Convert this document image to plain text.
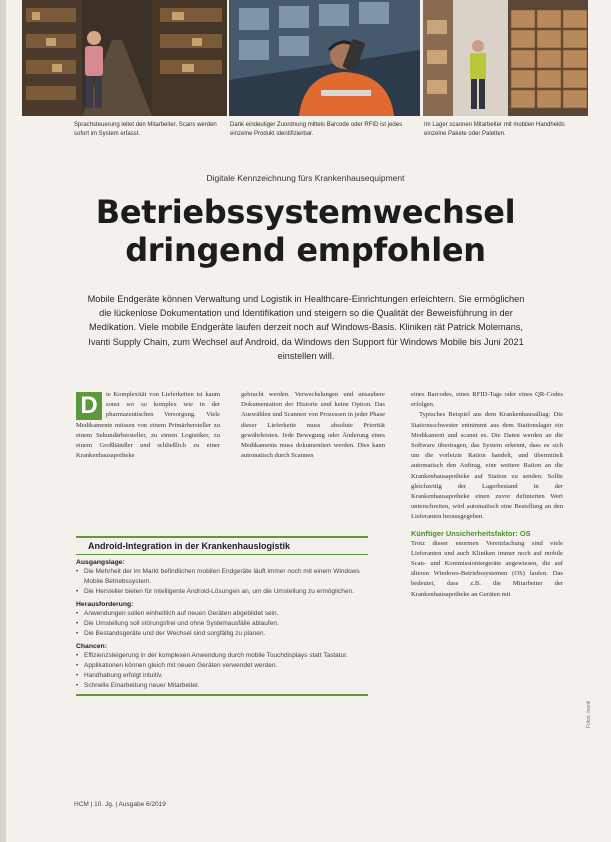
Sprachsteuerung leitet den Mitarbeiter, Scans werden sofort im System erfasst.
Dank eindeutiger Zuordnung mittels Barcode oder RFID ist jedes einzelne Produkt identifizierbar.
Im Lager scannen Mitarbeiter mit mobilen Handhelds einzelne Pakete oder Paletten.
Digitale Kennzeichnung fürs Krankenhausequipment
Betriebssystemwechsel
dringend empfohlen
Mobile Endgeräte können Verwaltung und Logistik in Healthcare-Einrichtungen erleichtern. Sie ermöglichen die lückenlose Dokumentation und Identifikation und steigern so die Qualität der Beweisführung in der Medikation. Viele mobile Endgeräte laufen derzeit noch auf Windows-Basis. Kliniken rät Patrick Molemans, Ivanti Supply Chain, zum Wechsel auf Android, da Windows den Support für Windows Mobile bis Juni 2021 einstellen will.
D	ie Komplexität von Lieferketten ist kaum sonst wo so komplex wie in der pharmazeutischen Versorgung. Viele Medikamente müssen von einem Primärhersteller zu einem Sekundärhersteller, zu einem Logistiker, zu einem Großhändler und schließlich zu einer Krankenhausapotheke
gebracht werden. Verwechslungen und unsaubere Dokumentation der Historie sind keine Option. Das Auswählen und Scannen von Prozessen in jeder Phase dieser Lieferkette muss absolute Priorität gewährleisten. Jede Bewegung oder Änderung eines Medikaments muss dokumentiert werden. Dies kann automatisch durch Scannen
eines Barcodes, eines RFID-Tags oder eines QR-Codes erfolgen.
Typisches Beispiel aus dem Krankenhausalltag: Die Stationsschwester entnimmt aus dem Stationslager ein Medikament und scannt es. Die Daten werden an die Software übertragen, das System erkennt, dass es sich um die vorletzte Ration handelt, und übermittelt automatisch den Auftrag, eine weitere Ration an die Krankenhausapotheke auf Station zu senden. Sollte gleichzeitig der Lagerbestand in der Krankenhausapotheke einen zuvor definierten Wert unterschreiten, wird automatisch eine Bestellung an den Lieferanten herausgegeben.
Künftiger Unsicherheitsfaktor: OS
Trotz dieser enormen Vereinfachung sind viele Lieferanten und auch Kliniken immer noch auf mobile Scan- und Kommissioniergeräte angewiesen, die auf älteren Windows-Betriebssystemen (OS) laufen. Das bedeutet, dass z.B. die Mitarbeiter der Krankenhausapotheke an Geräten mit
Android-Integration in der Krankenhauslogistik
Ausgangslage:
• Die Mehrheit der im Markt befindlichen mobilen Endgeräte läuft immer noch mit einem Windows Mobile Betriebssystem.
• Die Hersteller bieten für intelligente Android-Lösungen an, um die Umstellung zu ermöglichen.
Herausforderung:
• Anwendungen sollen einheitlich auf neuen Geräten abgebildet sein.
• Die Umstellung soll störungsfrei und ohne Systemausfälle ablaufen.
• Die Bestandsgeräte und der Wechsel sind sorgfältig zu planen.
Chancen:
• Effizienzsteigerung in der komplexen Anwendung durch mobile Touchdisplays statt Tastatur.
• Applikationen können gleich mit neuen Geräten verwendet werden.
• Handhabung erfolgt intuitiv.
• Schnelle Einarbeitung neuer Mitarbeiter.
HCM | 10. Jg. | Ausgabe 6/2019
Fotos: Ivanti
